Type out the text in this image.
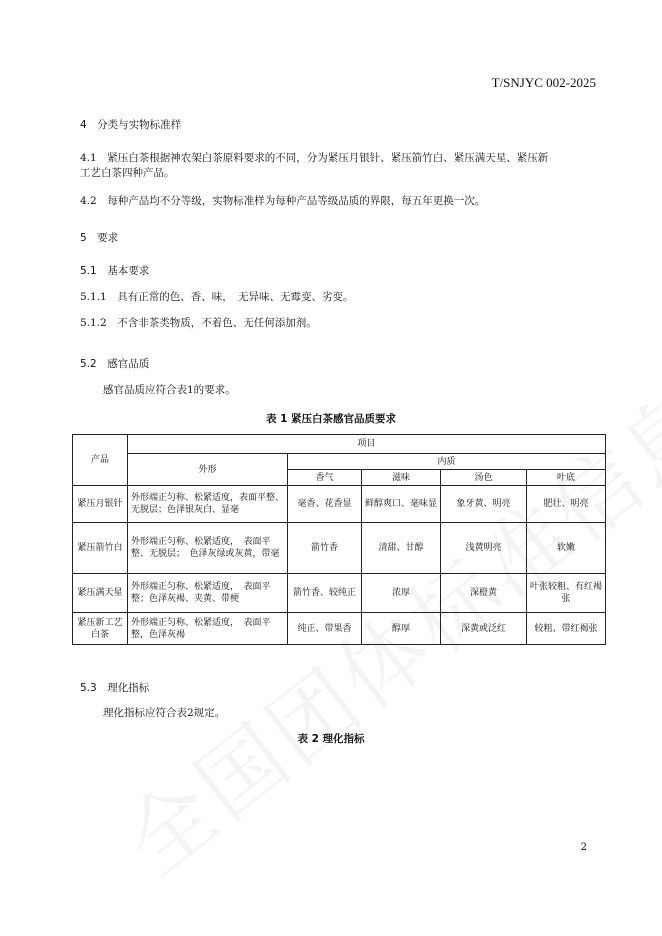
T/SNJYC 002-2025
4　分类与实物标准样
4.1　紧压白茶根据神农架白茶原料要求的不同，分为紧压月银针、紧压箭竹白、紧压满天星、紧压新
工艺白茶四种产品。
4.2　每种产品均不分等级，实物标准样为每种产品等级品质的界限，每五年更换一次。
5　要求
5.1　基本要求
5.1.1　具有正常的色、香、味，　无异味、无霉变、劣变。
5.1.2　不含非茶类物质，不着色、无任何添加剂。
5.2　感官品质
感官品质应符合表1的要求。
表 1 紧压白茶感官品质要求
产品	项目				
	外形	内质			
		香气	滋味	汤色	叶底
紧压月银针	外形端正匀称、松紧适度，表面平整、无脱层；色泽银灰白、显毫	毫香、花香显	鲜醇爽口、毫味显	象牙黄、明亮	肥壮、明亮
紧压箭竹白	外形端正匀称、松紧适度，　表面平整、无脱层；　色泽灰绿或灰黄，带毫	箭竹香	清甜、甘醇	浅黄明亮	软嫩
紧压满天星	外形端正匀称、松紧适度，　表面平整；色泽灰褐、夹黄、带梗	箭竹香、较纯正	浓厚	深橙黄	叶张较粗、有红褐张
紧压新工艺白茶	外形端正匀称、松紧适度，　表面平整，色泽灰褐	纯正、带果香	醇厚	深黄或泛红	较粗、带红褐张
5.3　理化指标
理化指标应符合表2规定。
表 2 理化指标
2
